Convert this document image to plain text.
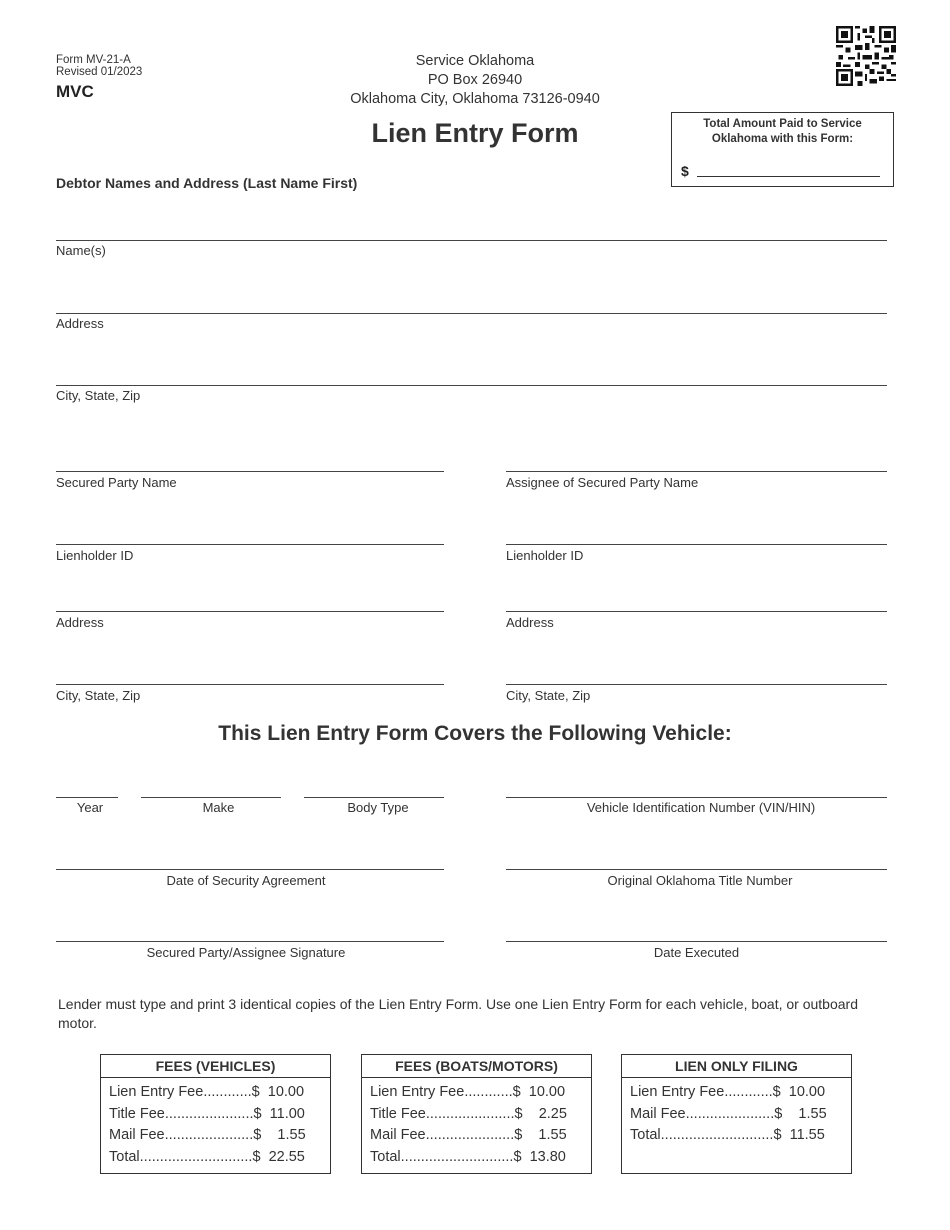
Form MV-21-A
Revised 01/2023
MVC
Service Oklahoma
PO Box 26940
Oklahoma City, Oklahoma 73126-0940
Lien Entry Form	Total Amount Paid to Service Oklahoma with this Form:
$
Debtor Names and Address (Last Name First)
Name(s)
Address
City, State, Zip
Secured Party Name
Lienholder ID
Address
City, State, Zip
Assignee of Secured Party Name
Lienholder ID
Address
City, State, Zip
This Lien Entry Form Covers the Following Vehicle:
Year	Make	Body Type	Vehicle Identification Number (VIN/HIN)
Date of Security Agreement	Original Oklahoma Title Number
Secured Party/Assignee Signature	Date Executed
Lender must type and print 3 identical copies of the Lien Entry Form. Use one Lien Entry Form for each vehicle, boat, or outboard motor.
FEES (VEHICLES)
Lien Entry Fee ............ $  10.00
Title Fee ...................... $  11.00
Mail Fee ...................... $    1.55
Total ............................ $  22.55
FEES (BOATS/MOTORS)
Lien Entry Fee ............ $  10.00
Title Fee ...................... $    2.25
Mail Fee ...................... $    1.55
Total ............................ $  13.80
LIEN ONLY FILING
Lien Entry Fee ............ $  10.00
Mail Fee ...................... $    1.55
Total ............................ $  11.55
